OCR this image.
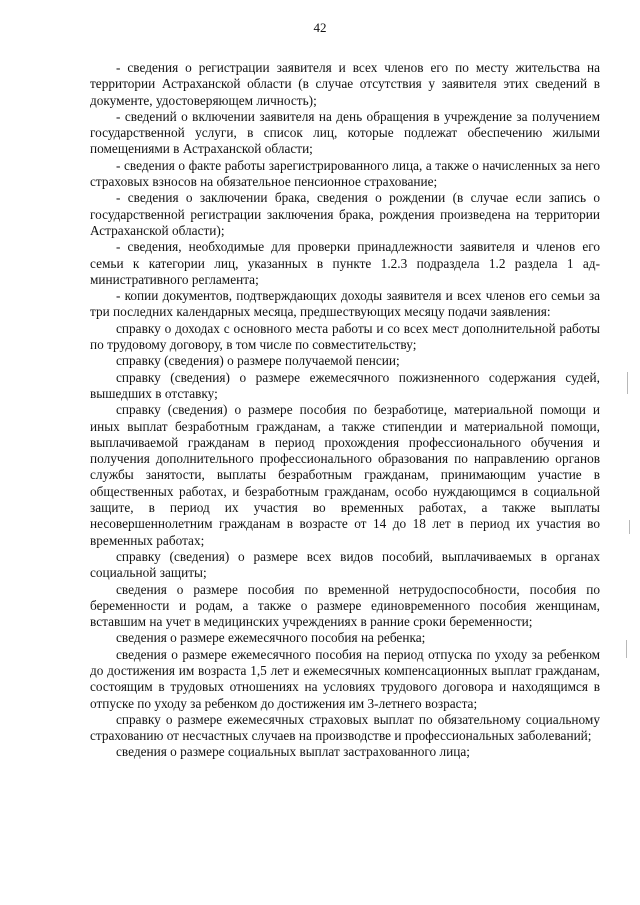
42

- сведения о регистрации заявителя и всех членов его по месту жительства на территории Астраханской области (в случае отсутствия у заявителя этих сведений в документе, удостоверяющем личность);

- сведений о включении заявителя на день обращения в учреждение за получением государственной услуги, в список лиц, которые подлежат обеспечению жилыми помещениями в Астраханской области;

- сведения о факте работы зарегистрированного лица, а также о начисленных за него страховых взносов на обязательное пенсионное страхование;

- сведения о заключении брака, сведения о рождении (в случае если запись о государственной регистрации заключения брака, рождения произведена на территории Астраханской области);

- сведения, необходимые для проверки принадлежности заявителя и членов его семьи к категории лиц, указанных в пункте 1.2.3 подраздела 1.2 раздела 1 административного регламента;

- копии документов, подтверждающих доходы заявителя и всех членов его семьи за три последних календарных месяца, предшествующих месяцу подачи заявления:

справку о доходах с основного места работы и со всех мест дополнительной работы по трудовому договору, в том числе по совместительству;

справку (сведения) о размере получаемой пенсии;

справку (сведения) о размере ежемесячного пожизненного содержания судей, вышедших в отставку;

справку (сведения) о размере пособия по безработице, материальной помощи и иных выплат безработным гражданам, а также стипендии и материальной помощи, выплачиваемой гражданам в период прохождения профессионального обучения и получения дополнительного профессионального образования по направлению органов службы занятости, выплаты безработным гражданам, принимающим участие в общественных работах, и безработным гражданам, особо нуждающимся в социальной защите, в период их участия во временных работах, а также выплаты несовершеннолетним гражданам в возрасте от 14 до 18 лет в период их участия во временных работах;

справку (сведения) о размере всех видов пособий, выплачиваемых в органах социальной защиты;

сведения о размере пособия по временной нетрудоспособности, пособия по беременности и родам, а также о размере единовременного пособия женщинам, вставшим на учет в медицинских учреждениях в ранние сроки беременности;

сведения о размере ежемесячного пособия на ребенка;

сведения о размере ежемесячного пособия на период отпуска по уходу за ребенком до достижения им возраста 1,5 лет и ежемесячных компенсационных выплат гражданам, состоящим в трудовых отношениях на условиях трудового договора и находящимся в отпуске по уходу за ребенком до достижения им 3-летнего возраста;

справку о размере ежемесячных страховых выплат по обязательному социальному страхованию от несчастных случаев на производстве и профессиональных заболеваний;

сведения о размере социальных выплат застрахованного лица;
